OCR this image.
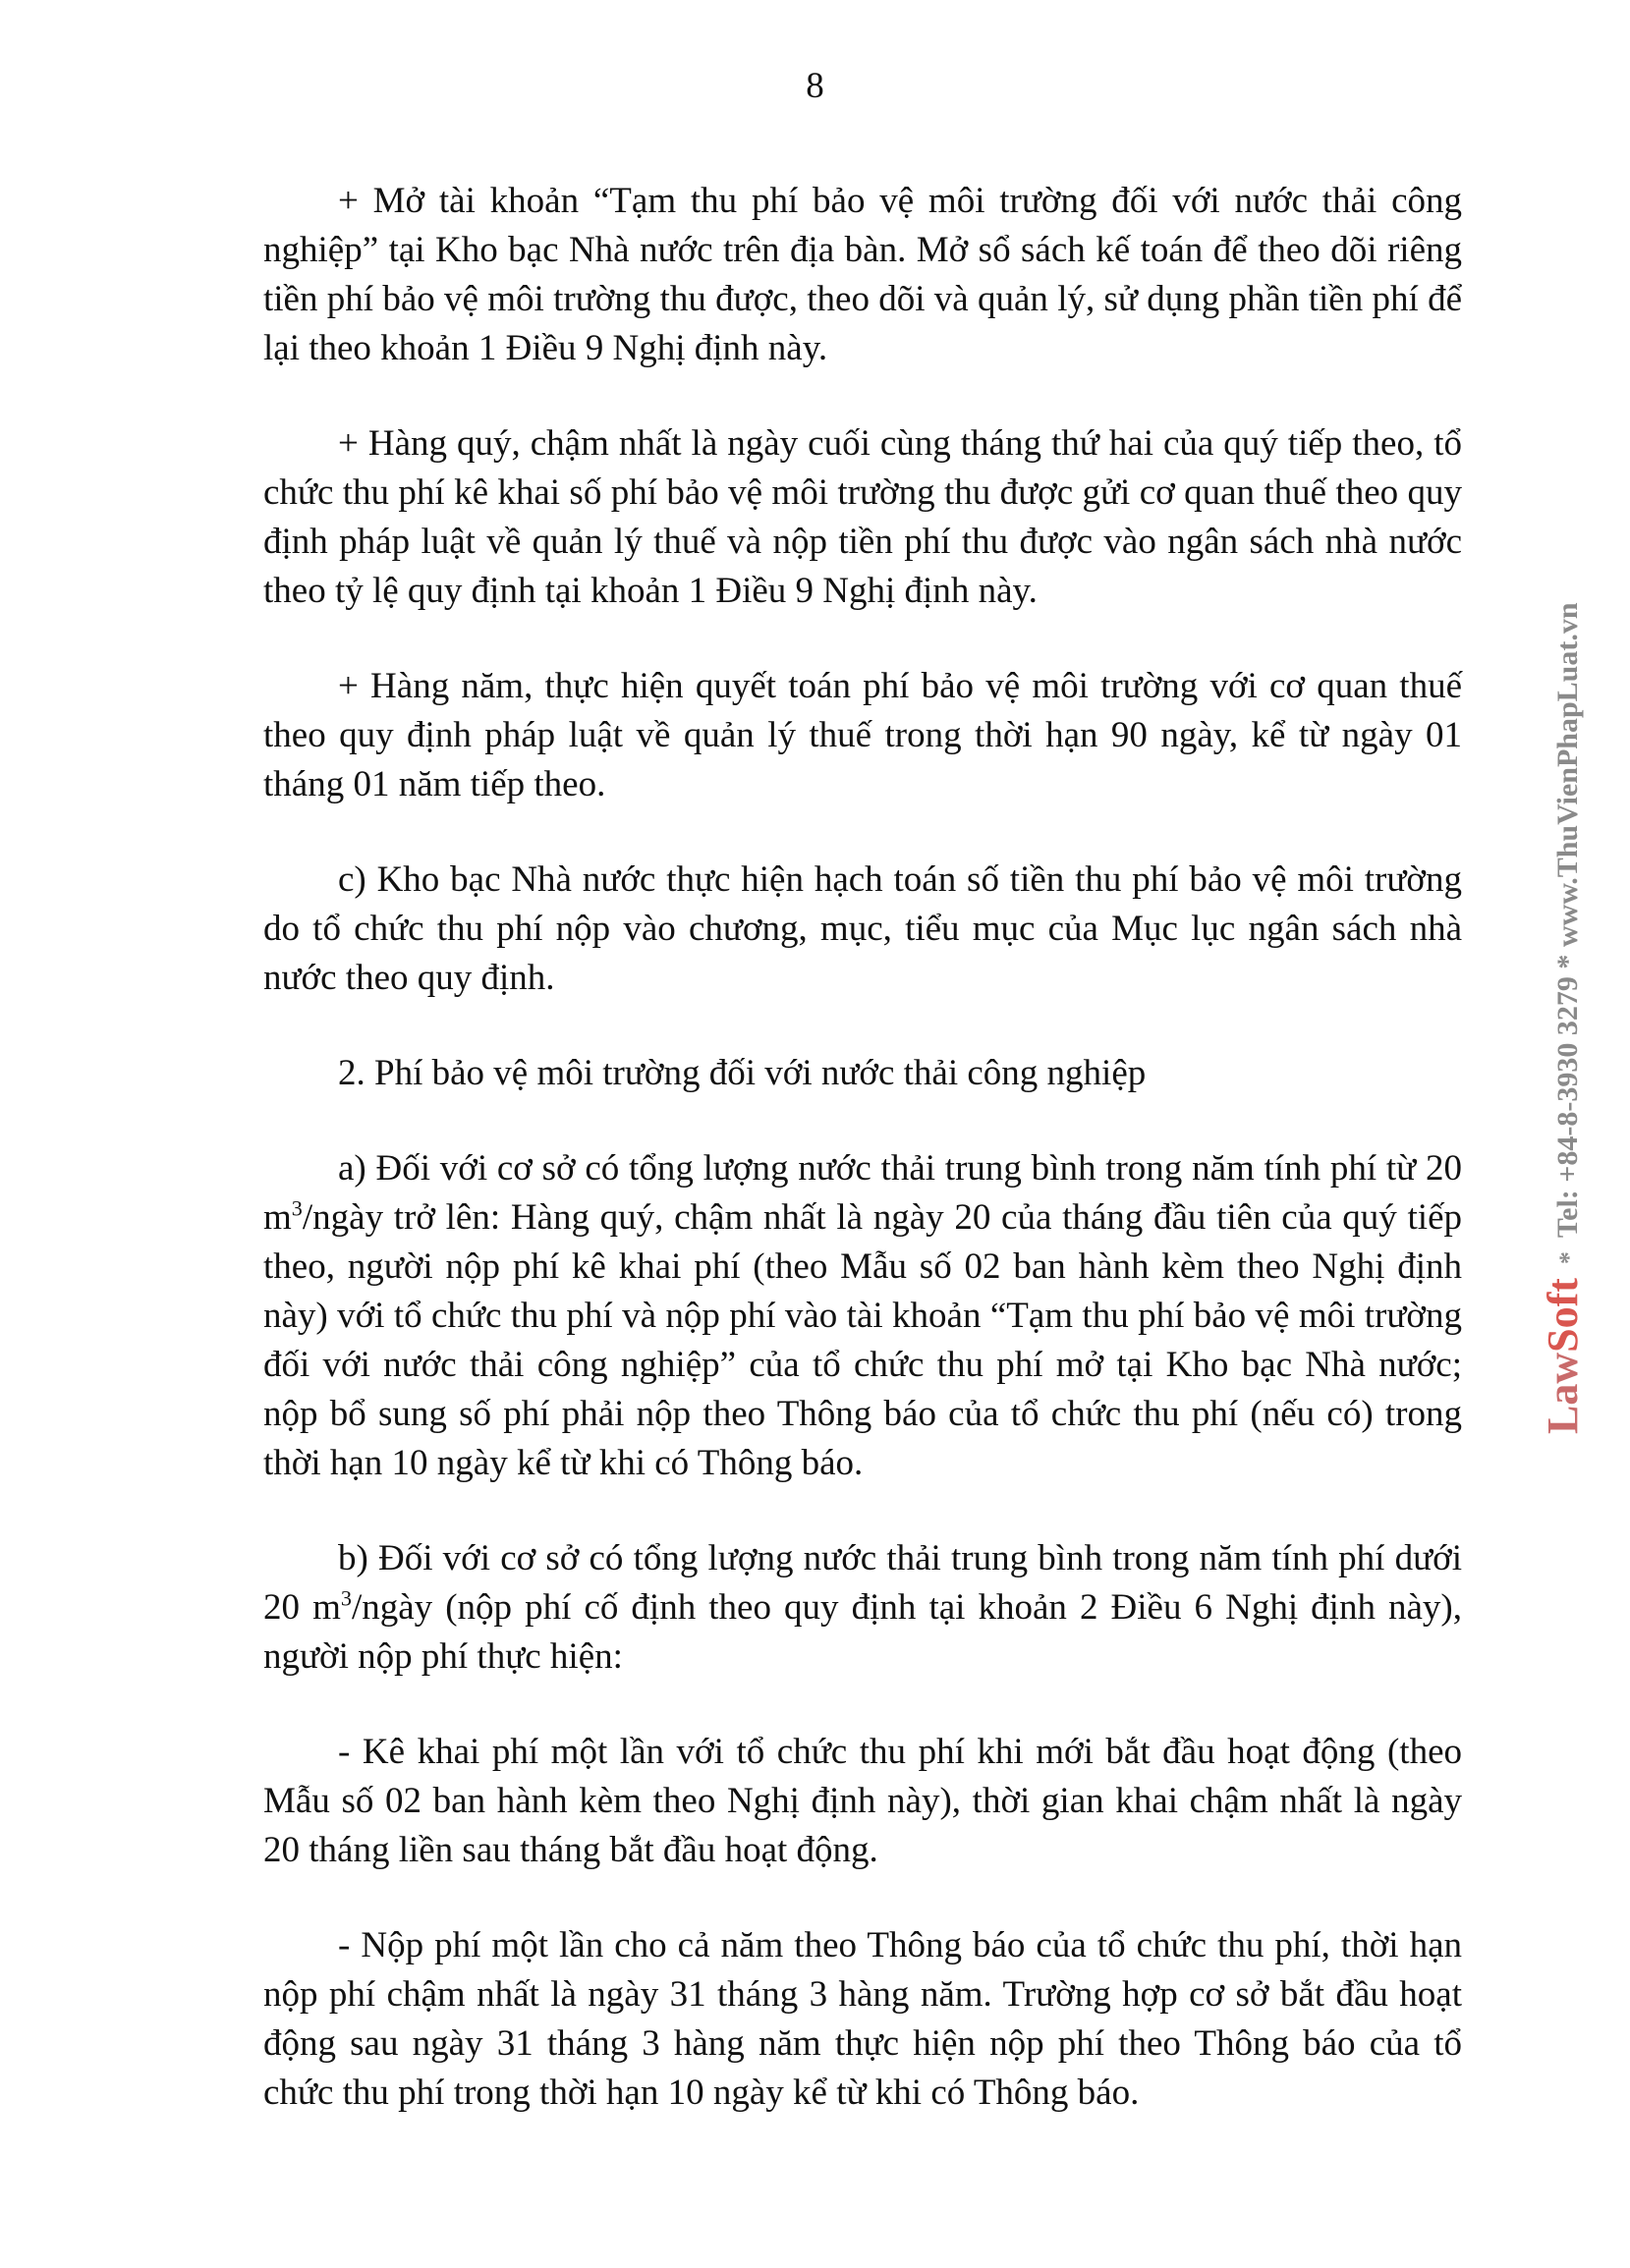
8

+ Mở tài khoản “Tạm thu phí bảo vệ môi trường đối với nước thải công nghiệp” tại Kho bạc Nhà nước trên địa bàn. Mở sổ sách kế toán để theo dõi riêng tiền phí bảo vệ môi trường thu được, theo dõi và quản lý, sử dụng phần tiền phí để lại theo khoản 1 Điều 9 Nghị định này.

+ Hàng quý, chậm nhất là ngày cuối cùng tháng thứ hai của quý tiếp theo, tổ chức thu phí kê khai số phí bảo vệ môi trường thu được gửi cơ quan thuế theo quy định pháp luật về quản lý thuế và nộp tiền phí thu được vào ngân sách nhà nước theo tỷ lệ quy định tại khoản 1 Điều 9 Nghị định này.

+ Hàng năm, thực hiện quyết toán phí bảo vệ môi trường với cơ quan thuế theo quy định pháp luật về quản lý thuế trong thời hạn 90 ngày, kể từ ngày 01 tháng 01 năm tiếp theo.

c) Kho bạc Nhà nước thực hiện hạch toán số tiền thu phí bảo vệ môi trường do tổ chức thu phí nộp vào chương, mục, tiểu mục của Mục lục ngân sách nhà nước theo quy định.

2. Phí bảo vệ môi trường đối với nước thải công nghiệp

a) Đối với cơ sở có tổng lượng nước thải trung bình trong năm tính phí từ 20 $m^3$/ngày trở lên: Hàng quý, chậm nhất là ngày 20 của tháng đầu tiên của quý tiếp theo, người nộp phí kê khai phí (theo Mẫu số 02 ban hành kèm theo Nghị định này) với tổ chức thu phí và nộp phí vào tài khoản “Tạm thu phí bảo vệ môi trường đối với nước thải công nghiệp” của tổ chức thu phí mở tại Kho bạc Nhà nước; nộp bổ sung số phí phải nộp theo Thông báo của tổ chức thu phí (nếu có) trong thời hạn 10 ngày kể từ khi có Thông báo.

b) Đối với cơ sở có tổng lượng nước thải trung bình trong năm tính phí dưới 20 $m^3$/ngày (nộp phí cố định theo quy định tại khoản 2 Điều 6 Nghị định này), người nộp phí thực hiện:

- Kê khai phí một lần với tổ chức thu phí khi mới bắt đầu hoạt động (theo Mẫu số 02 ban hành kèm theo Nghị định này), thời gian khai chậm nhất là ngày 20 tháng liền sau tháng bắt đầu hoạt động.

- Nộp phí một lần cho cả năm theo Thông báo của tổ chức thu phí, thời hạn nộp phí chậm nhất là ngày 31 tháng 3 hàng năm. Trường hợp cơ sở bắt đầu hoạt động sau ngày 31 tháng 3 hàng năm thực hiện nộp phí theo Thông báo của tổ chức thu phí trong thời hạn 10 ngày kể từ khi có Thông báo.

LawSoft*Tel: +84-8-3930 3279 * www.ThuVienPhapLuat.vn
